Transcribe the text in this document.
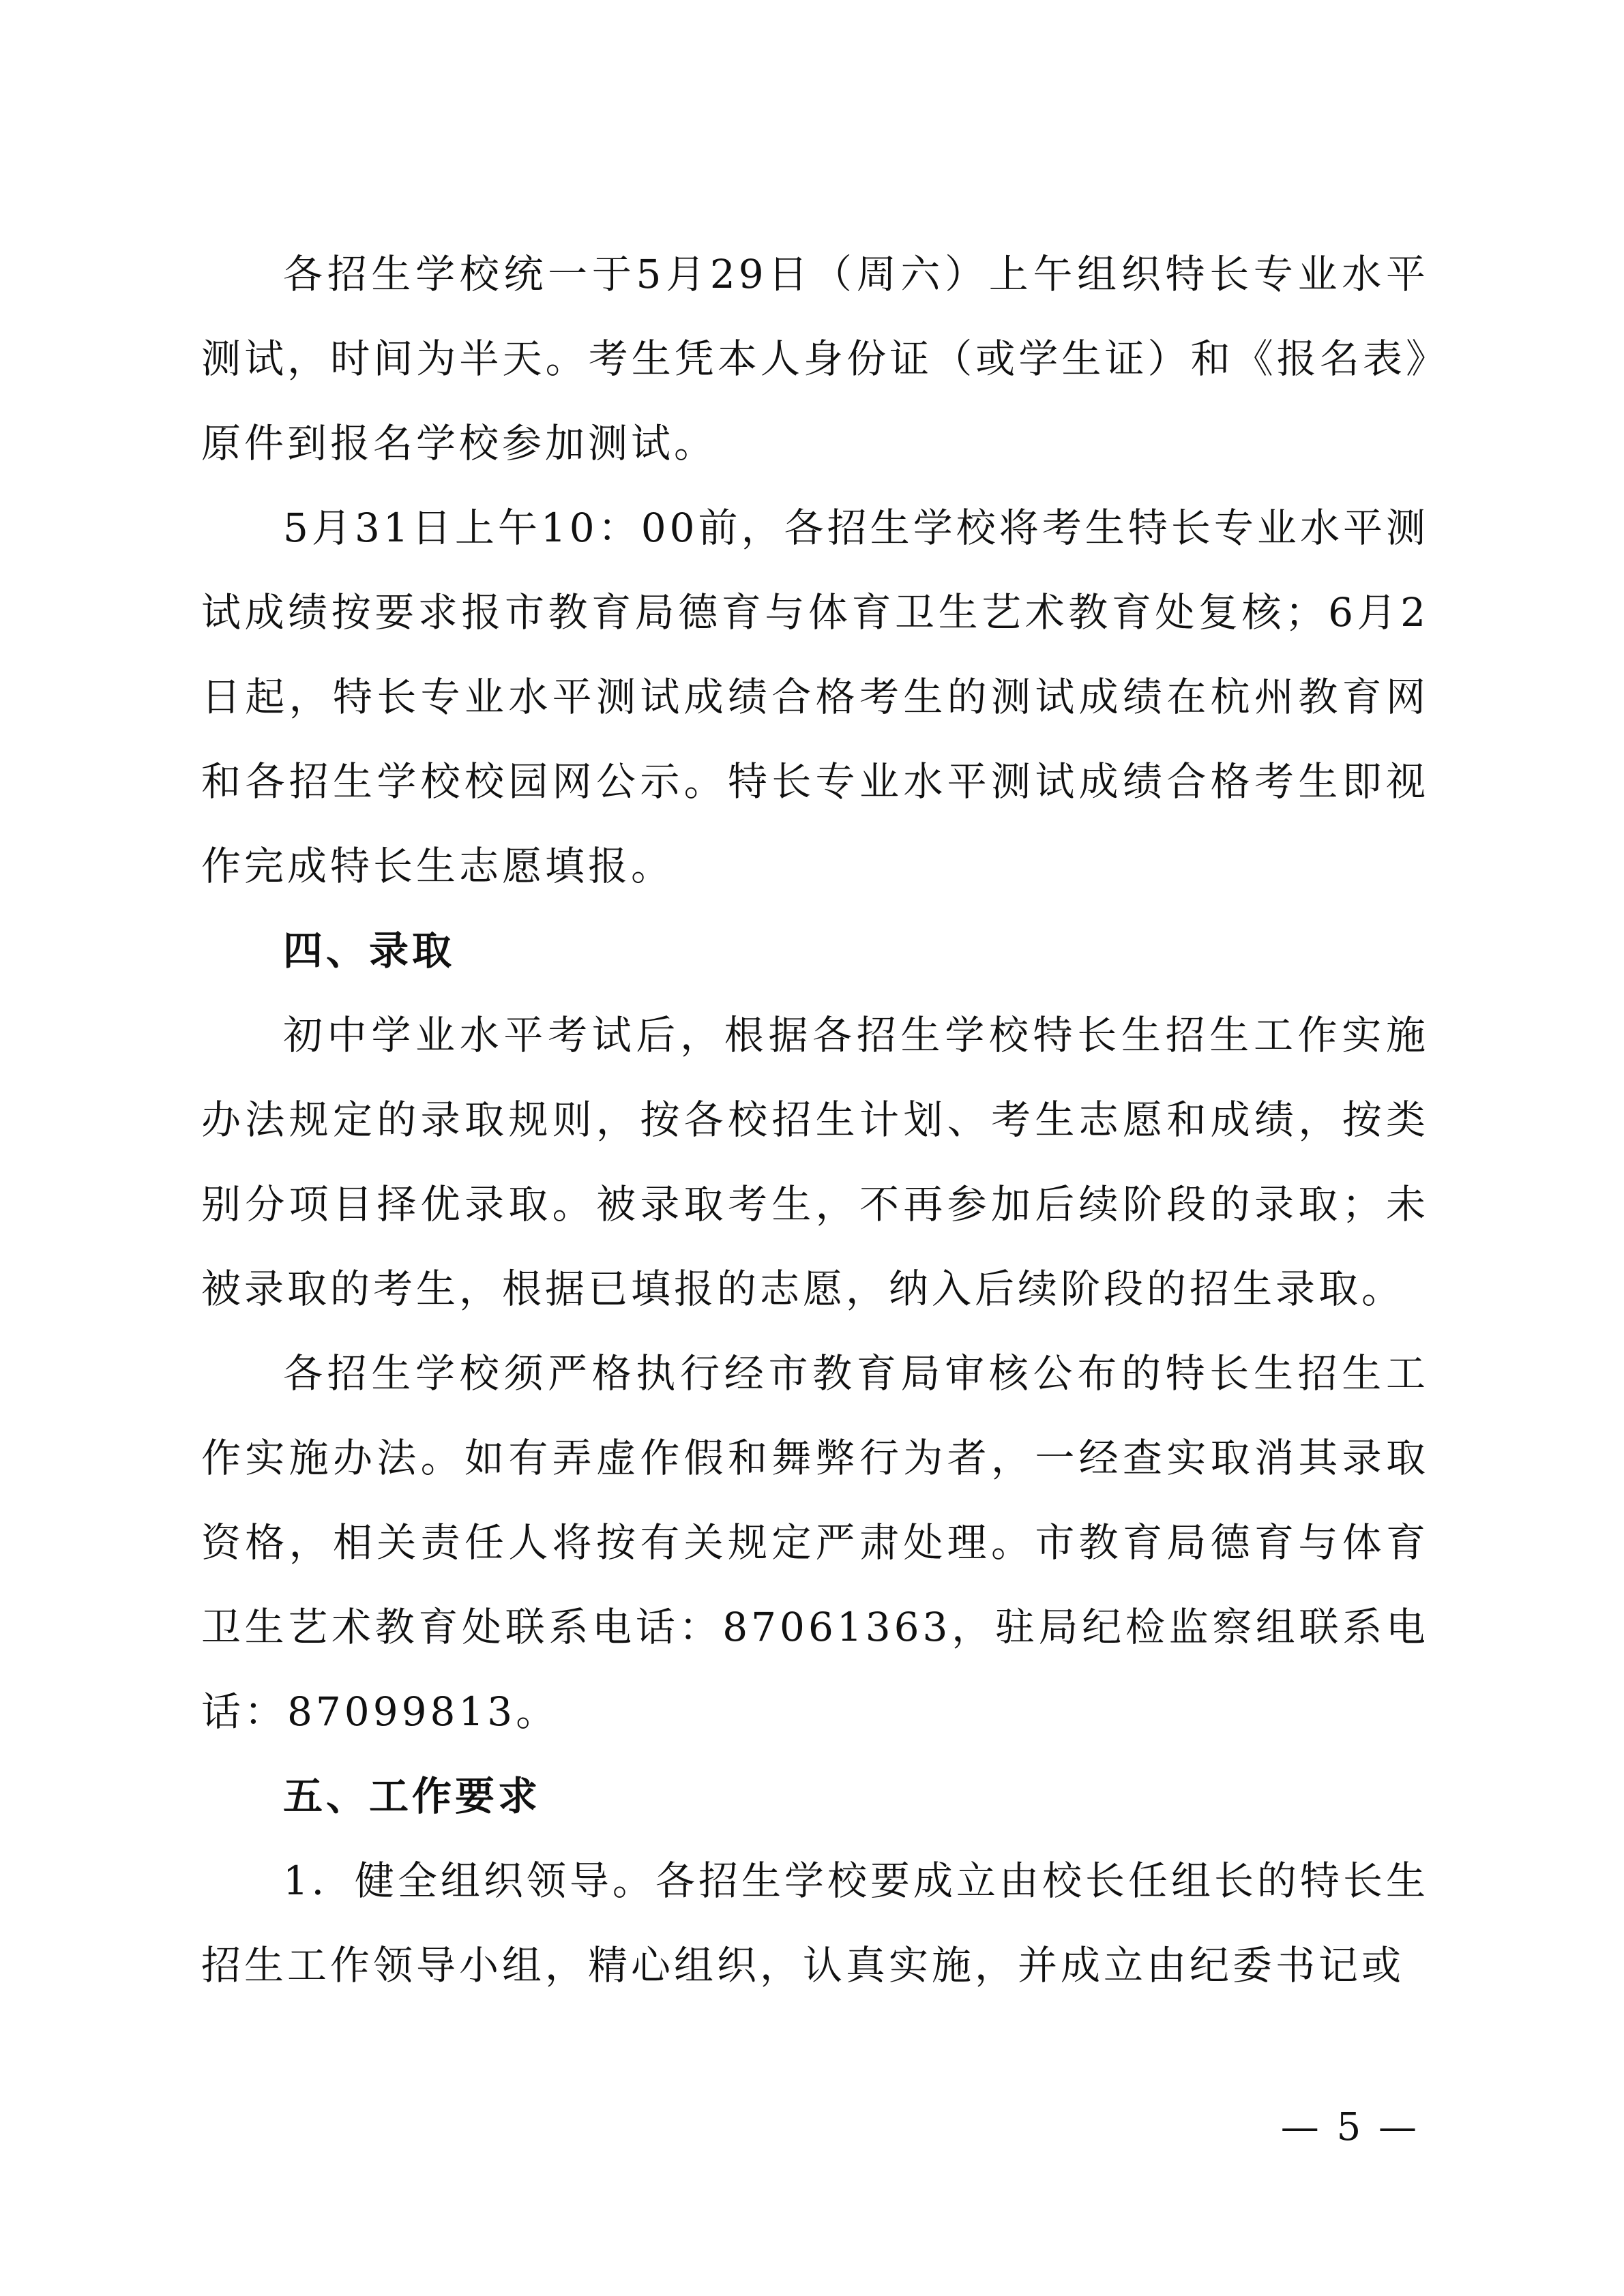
各招生学校统一于5月29日（周六）上午组织特长专业水平测试，时间为半天。考生凭本人身份证（或学生证）和《报名表》原件到报名学校参加测试。

5月31日上午10：00前，各招生学校将考生特长专业水平测试成绩按要求报市教育局德育与体育卫生艺术教育处复核；6月2日起，特长专业水平测试成绩合格考生的测试成绩在杭州教育网和各招生学校校园网公示。特长专业水平测试成绩合格考生即视作完成特长生志愿填报。

四、录取

初中学业水平考试后，根据各招生学校特长生招生工作实施办法规定的录取规则，按各校招生计划、考生志愿和成绩，按类别分项目择优录取。被录取考生，不再参加后续阶段的录取；未被录取的考生，根据已填报的志愿，纳入后续阶段的招生录取。

各招生学校须严格执行经市教育局审核公布的特长生招生工作实施办法。如有弄虚作假和舞弊行为者，一经查实取消其录取资格，相关责任人将按有关规定严肃处理。市教育局德育与体育卫生艺术教育处联系电话：87061363，驻局纪检监察组联系电话：87099813。

五、工作要求

1．健全组织领导。各招生学校要成立由校长任组长的特长生招生工作领导小组，精心组织，认真实施，并成立由纪委书记或

— 5 —
